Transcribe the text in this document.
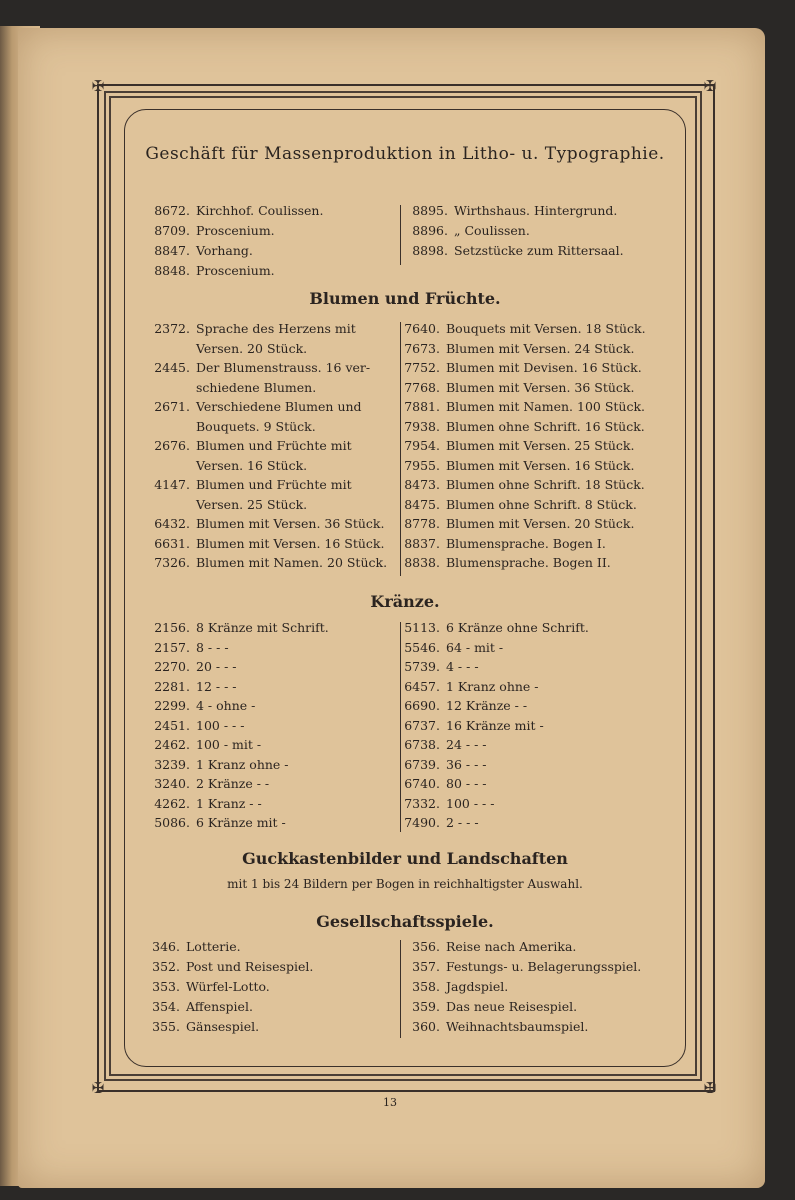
✠	✠
✠	✠
Geschäft für Massenproduktion in Litho- u. Typographie.
8672. Kirchhof. Coulissen.
8709. Proscenium.
8847. Vorhang.
8848. Proscenium.
8895. Wirthshaus. Hintergrund.
8896. „ Coulissen.
8898. Setzstücke zum Rittersaal.
Blumen und Früchte.
2372. Sprache des Herzens mit
Versen. 20 Stück.
2445. Der Blumenstrauss. 16 ver-
schiedene Blumen.
2671. Verschiedene Blumen und
Bouquets. 9 Stück.
2676. Blumen und Früchte mit
Versen. 16 Stück.
4147. Blumen und Früchte mit
Versen. 25 Stück.
6432. Blumen mit Versen. 36 Stück.
6631. Blumen mit Versen. 16 Stück.
7326. Blumen mit Namen. 20 Stück.
7640. Bouquets mit Versen. 18 Stück.
7673. Blumen mit Versen. 24 Stück.
7752. Blumen mit Devisen. 16 Stück.
7768. Blumen mit Versen. 36 Stück.
7881. Blumen mit Namen. 100 Stück.
7938. Blumen ohne Schrift. 16 Stück.
7954. Blumen mit Versen. 25 Stück.
7955. Blumen mit Versen. 16 Stück.
8473. Blumen ohne Schrift. 18 Stück.
8475. Blumen ohne Schrift. 8 Stück.
8778. Blumen mit Versen. 20 Stück.
8837. Blumensprache. Bogen I.
8838. Blumensprache. Bogen II.
Kränze.
2156. 8 Kränze mit Schrift.
2157. 8 - - -
2270. 20 - - -
2281. 12 - - -
2299. 4 - ohne -
2451. 100 - - -
2462. 100 - mit -
3239. 1 Kranz ohne -
3240. 2 Kränze - -
4262. 1 Kranz - -
5086. 6 Kränze mit -
5113. 6 Kränze ohne Schrift.
5546. 64 - mit -
5739. 4 - - -
6457. 1 Kranz ohne -
6690. 12 Kränze - -
6737. 16 Kränze mit -
6738. 24 - - -
6739. 36 - - -
6740. 80 - - -
7332. 100 - - -
7490. 2 - - -
Guckkastenbilder und Landschaften
mit 1 bis 24 Bildern per Bogen in reichhaltigster Auswahl.
Gesellschaftsspiele.
346. Lotterie.
352. Post und Reisespiel.
353. Würfel-Lotto.
354. Affenspiel.
355. Gänsespiel.
356. Reise nach Amerika.
357. Festungs- u. Belagerungsspiel.
358. Jagdspiel.
359. Das neue Reisespiel.
360. Weihnachtsbaumspiel.
13
